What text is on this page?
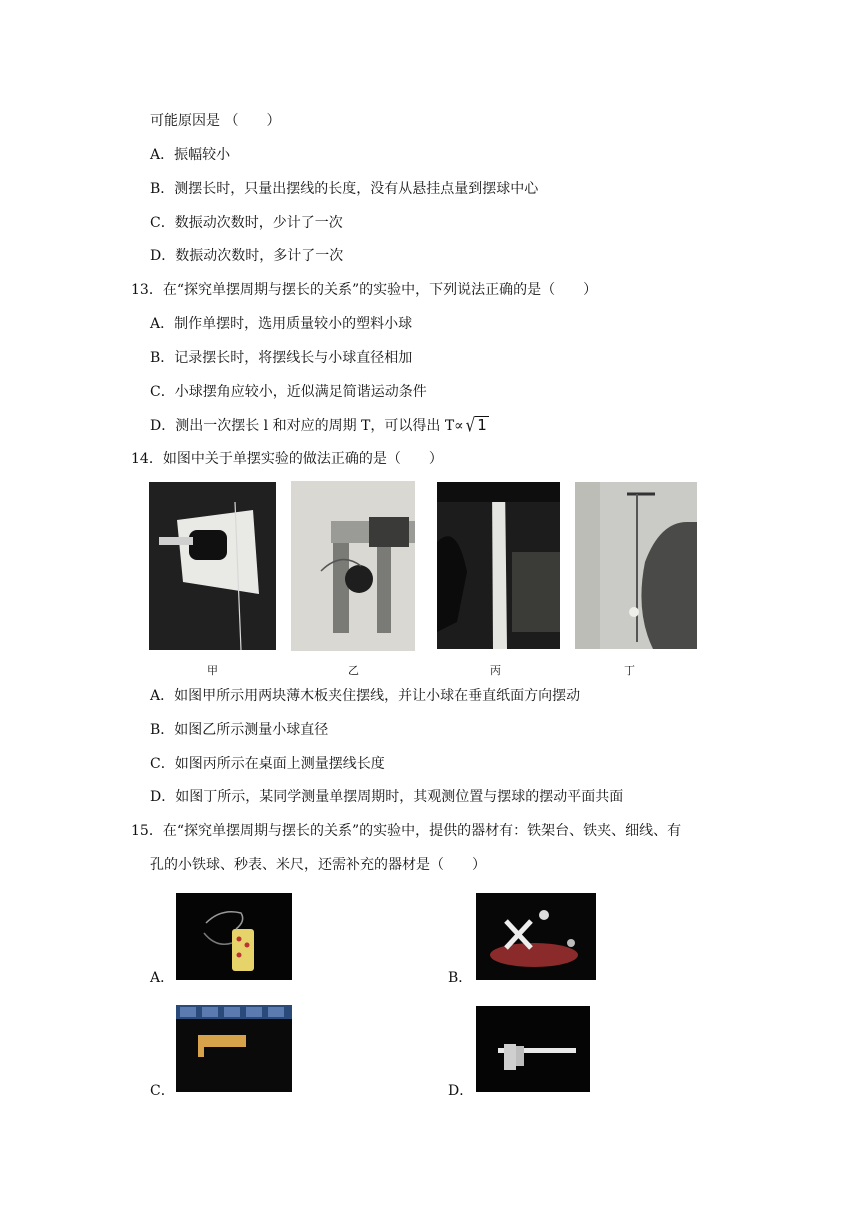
可能原因是 （　　）
A．振幅较小
B．测摆长时，只量出摆线的长度，没有从悬挂点量到摆球中心
C．数振动次数时，少计了一次
D．数振动次数时，多计了一次
13．在“探究单摆周期与摆长的关系”的实验中，下列说法正确的是（　　）
A．制作单摆时，选用质量较小的塑料小球
B．记录摆长时，将摆线长与小球直径相加
C．小球摆角应较小，近似满足简谐运动条件
D．测出一次摆长 l 和对应的周期 T，可以得出 T∝ √ 1
14．如图中关于单摆实验的做法正确的是（　　）
甲	乙	丙	丁
A．如图甲所示用两块薄木板夹住摆线，并让小球在垂直纸面方向摆动
B．如图乙所示测量小球直径
C．如图丙所示在桌面上测量摆线长度
D．如图丁所示，某同学测量单摆周期时，其观测位置与摆球的摆动平面共面
15．在“探究单摆周期与摆长的关系”的实验中，提供的器材有：铁架台、铁夹、细线、有
孔的小铁球、秒表、米尺，还需补充的器材是（　　）
A．	B．
C．	D．
